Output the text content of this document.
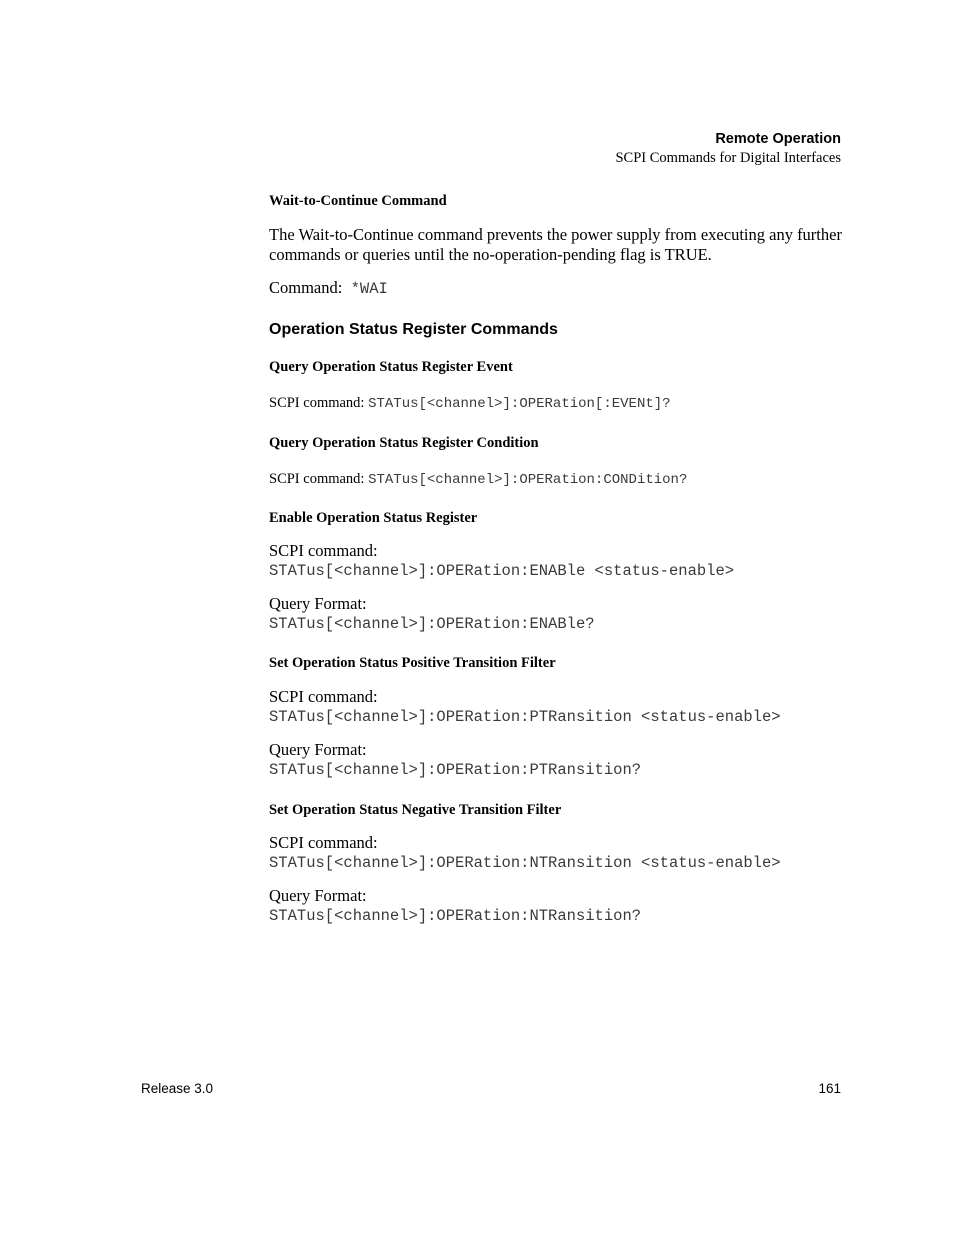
Remote Operation
SCPI Commands for Digital Interfaces

Wait-to-Continue Command

The Wait-to-Continue command prevents the power supply from executing any further commands or queries until the no-operation-pending flag is TRUE.

Command: *WAI

Operation Status Register Commands

Query Operation Status Register Event

SCPI command: STATus[<channel>]:OPERation[:EVENt]?

Query Operation Status Register Condition

SCPI command: STATus[<channel>]:OPERation:CONDition?

Enable Operation Status Register

SCPI command:

STATus[<channel>]:OPERation:ENABle <status-enable>

Query Format:

STATus[<channel>]:OPERation:ENABle?

Set Operation Status Positive Transition Filter

SCPI command:

STATus[<channel>]:OPERation:PTRansition <status-enable>

Query Format:

STATus[<channel>]:OPERation:PTRansition?

Set Operation Status Negative Transition Filter

SCPI command:

STATus[<channel>]:OPERation:NTRansition <status-enable>

Query Format:

STATus[<channel>]:OPERation:NTRansition?

Release 3.0	161
